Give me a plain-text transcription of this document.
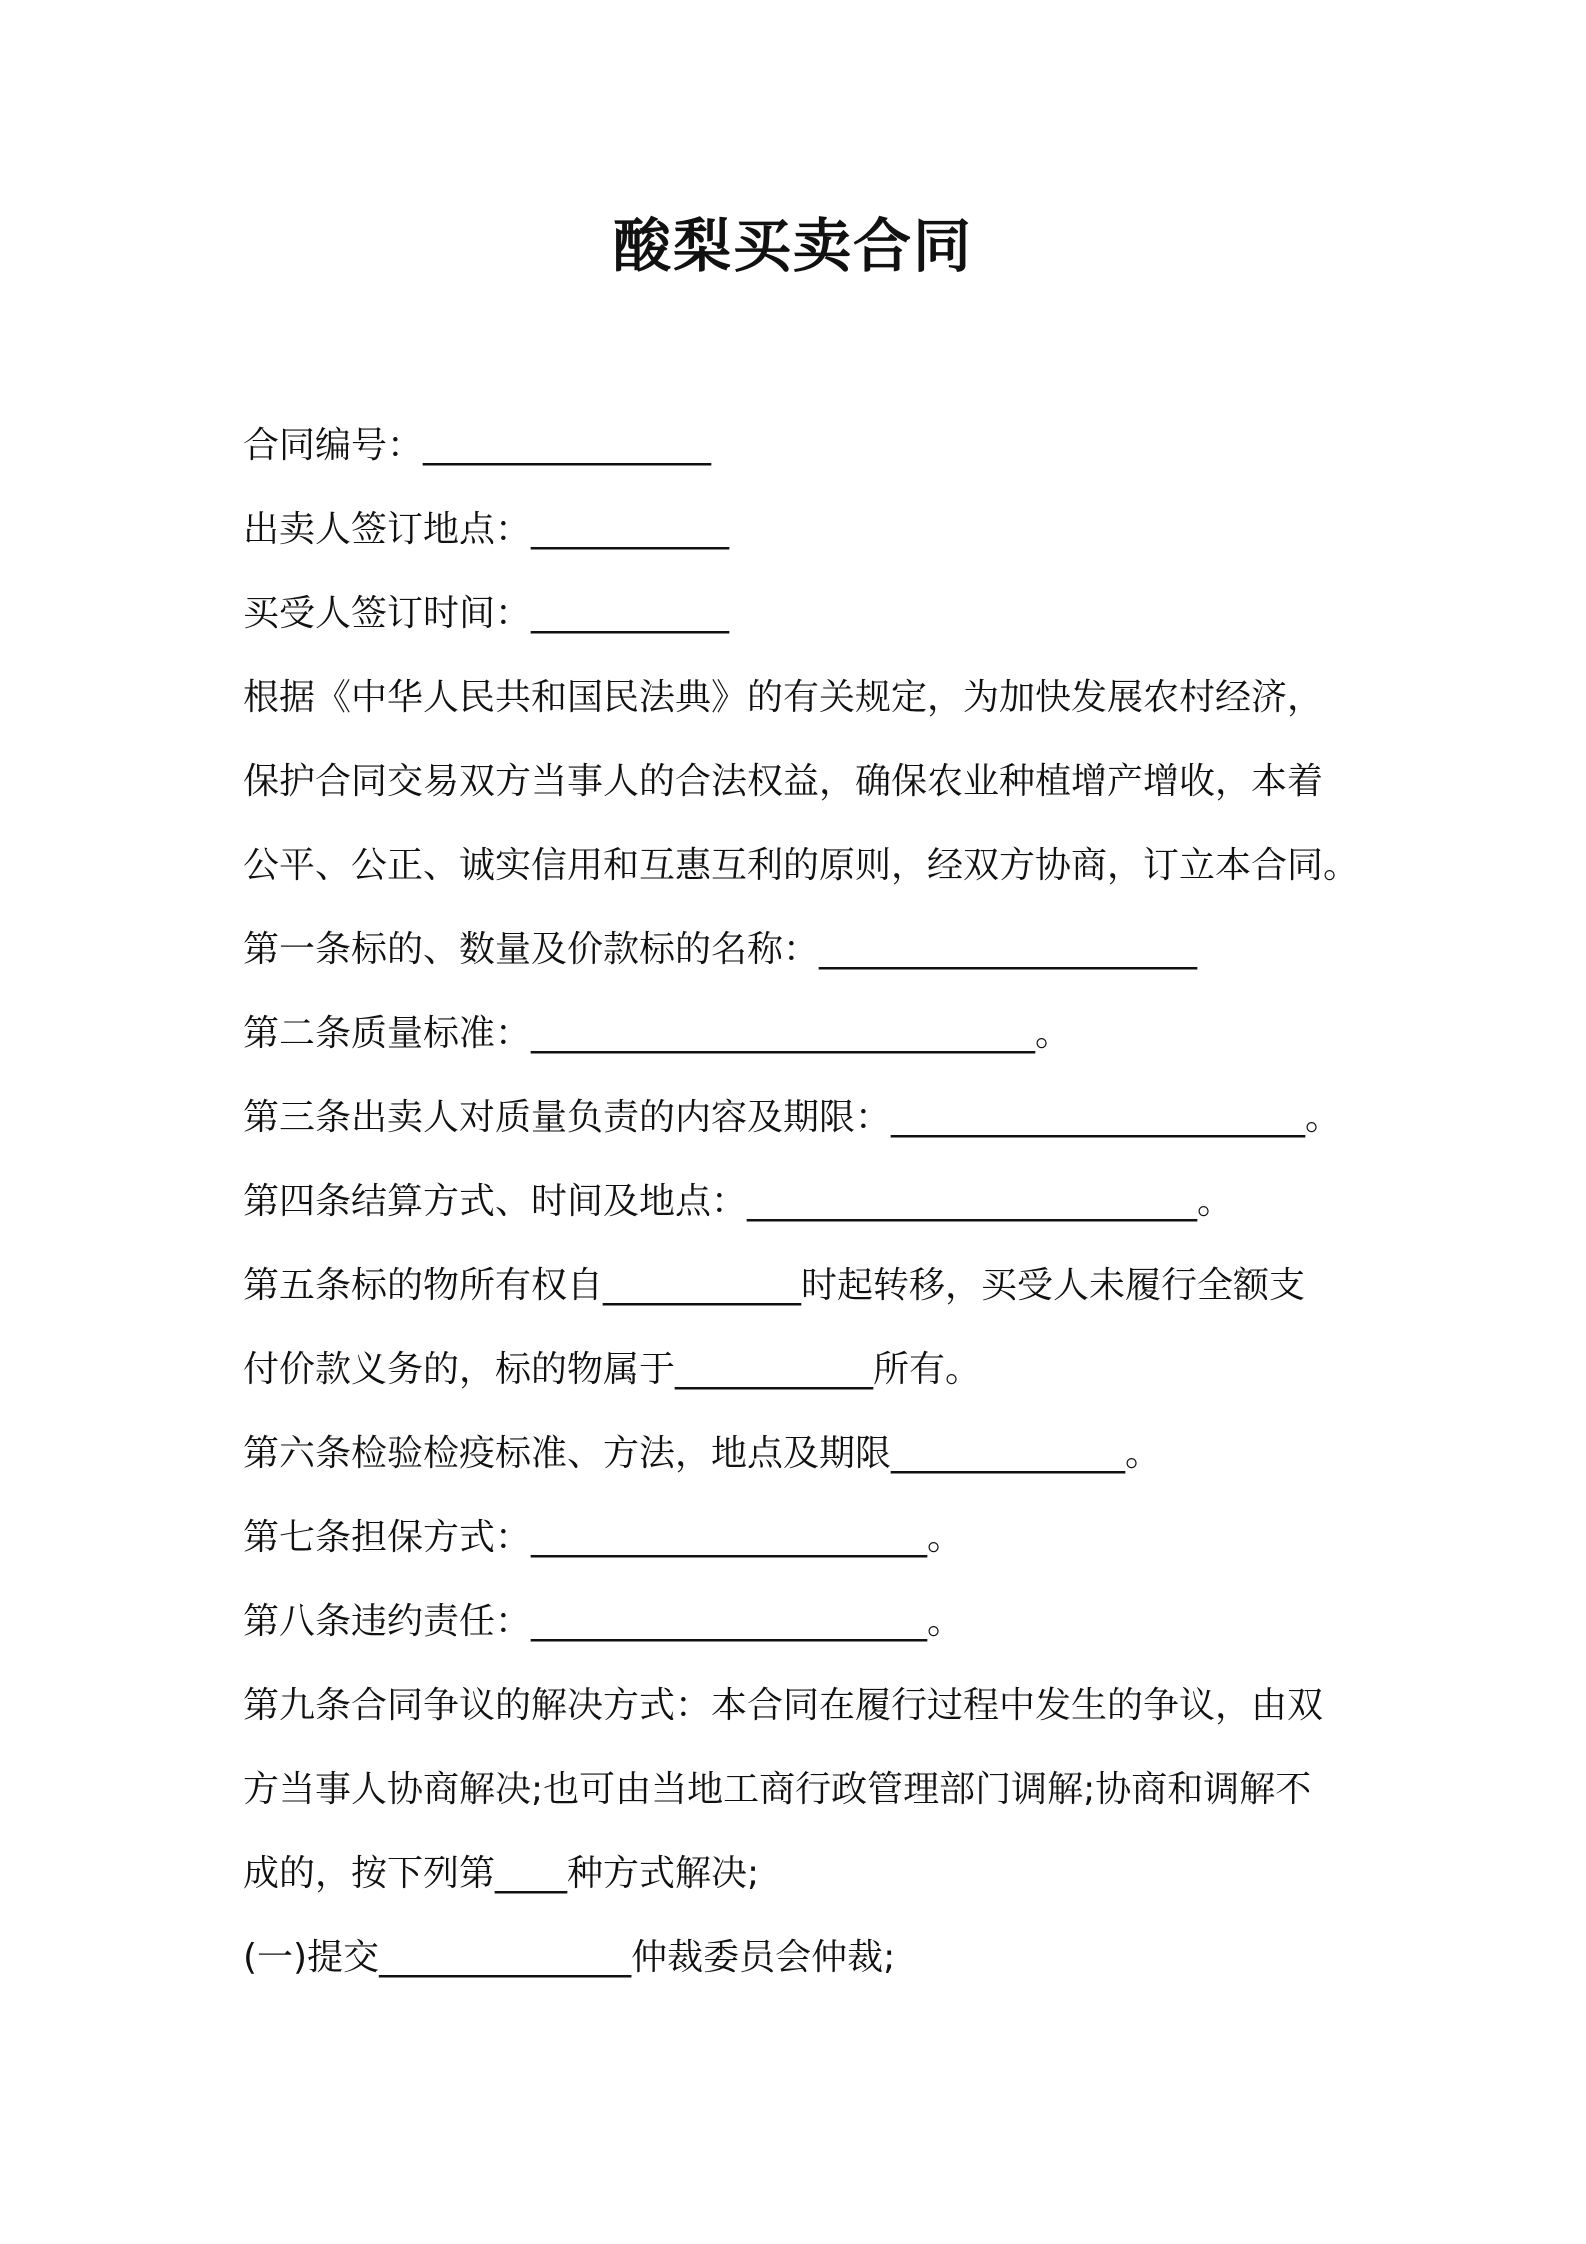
酸梨买卖合同

合同编号：________________

出卖人签订地点：___________

买受人签订时间：___________

根据《中华人民共和国民法典》的有关规定，为加快发展农村经济，

保护合同交易双方当事人的合法权益，确保农业种植增产增收，本着

公平、公正、诚实信用和互惠互利的原则，经双方协商，订立本合同。

第一条标的、数量及价款标的名称：_____________________

第二条质量标准：____________________________。

第三条出卖人对质量负责的内容及期限：_______________________。

第四条结算方式、时间及地点：_________________________。

第五条标的物所有权自___________时起转移，买受人未履行全额支

付价款义务的，标的物属于___________所有。

第六条检验检疫标准、方法，地点及期限_____________。

第七条担保方式：______________________。

第八条违约责任：______________________。

第九条合同争议的解决方式：本合同在履行过程中发生的争议，由双

方当事人协商解决;也可由当地工商行政管理部门调解;协商和调解不

成的，按下列第____种方式解决;

(一)提交______________仲裁委员会仲裁;
